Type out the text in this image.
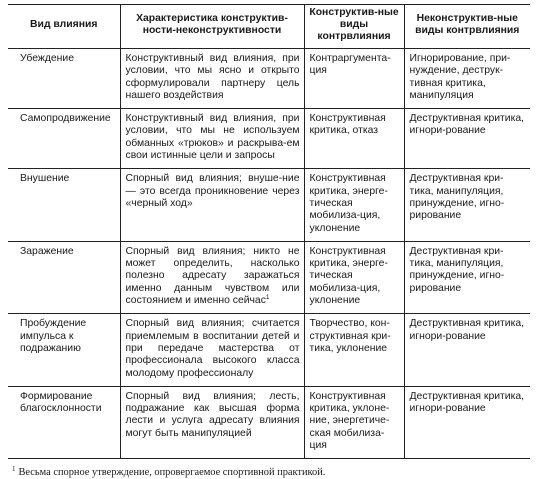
Вид влияния	Характеристика конструктив-ности-неконструктивности	Конструктив-ные виды контрвлияния	Неконструктив-ные виды контрвлияния
Убеждение	Конструктивный вид влияния, при условии, что мы ясно и открыто сформулировали партнеру цель нашего воздействия	Контраргумента-ция	Игнорирование, при-нуждение, деструк-тивная критика, манипуляция
Самопродвижение	Конструктивный вид влияния, при условии, что мы не используем обманных «трюков» и раскрыва-ем свои истинные цели и запросы	Конструктивная критика, отказ	Деструктивная критика, игнори-рование
Внушение	Спорный вид влияния; внуше-ние — это всегда проникновение через «черный ход»	Конструктивная критика, энерге-тическая мобилиза-ция, уклонение	Деструктивная кри-тика, манипуляция, принуждение, игно-рирование
Заражение	Спорный вид влияния; никто не может определить, насколько полезно адресату заражаться именно данным чувством или состоянием и именно сейчас$^1$	Конструктивная критика, энерге-тическая мобилиза-ция, уклонение	Деструктивная кри-тика, манипуляция, принуждение, игно-рирование
Пробуждение импульса к подражанию	Спорный вид влияния; считается приемлемым в воспитании детей и при передаче мастерства от профессионала высокого класса молодому профессионалу	Творчество, кон-структивная кри-тика, уклонение	Деструктивная критика, игнори-рование
Формирование благосклонности	Спорный вид влияния; лесть, подражание как высшая форма лести и услуга адресату влияния могут быть манипуляцией	Конструктивная критика, уклоне-ние, энергетиче-ская мобилиза-ция	Деструктивная критика, игнори-рование
$^1$ Весьма спорное утверждение, опровергаемое спортивной практикой.
